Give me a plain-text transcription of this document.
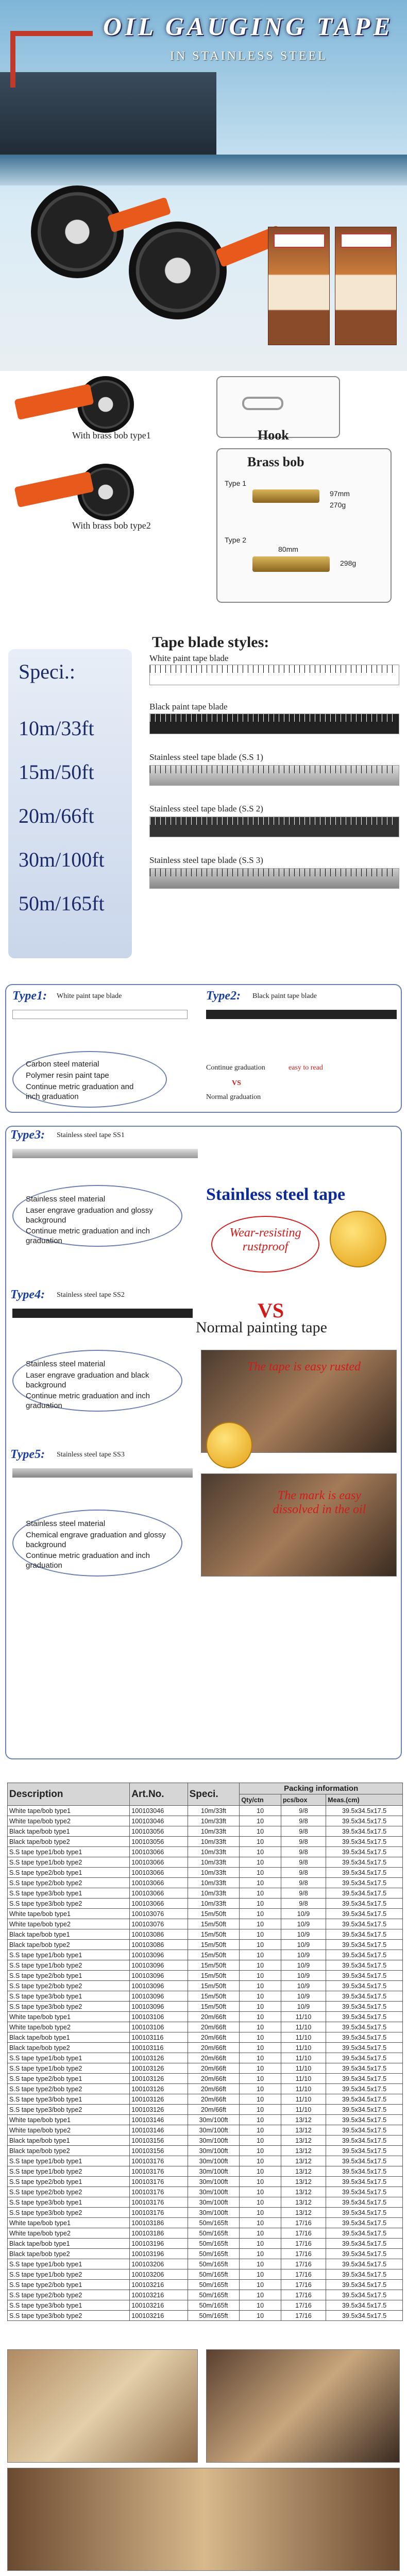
OIL GAUGING TAPE
IN STAINLESS STEEL
With brass bob type1
With brass bob type2
Hook
Brass bob
Type 1
97mm
270g
Type 2
80mm
298g
Speci.:
10m/33ft
15m/50ft
20m/66ft
30m/100ft
50m/165ft
Tape blade styles:
White paint tape blade
Black paint tape blade
Stainless steel tape blade (S.S 1)
Stainless steel tape blade (S.S 2)
Stainless steel tape blade (S.S 3)
Type1: White paint tape blade
Carbon steel material
Polymer resin paint tape
Continue metric graduation and inch graduation
Type2: Black paint tape blade
Continue graduation	easy to read
VS
Normal graduation
Type3: Stainless steel tape SS1
Stainless steel material
Laser engrave graduation and glossy background
Continue metric graduation and inch graduation
Stainless steel tape
Wear-resisting rustproof
VS
Normal painting tape
Type4: Stainless steel tape SS2
Stainless steel material
Laser engrave graduation and black background
Continue metric graduation and inch graduation
The tape is easy rusted
The mark is easy dissolved in the oil
Type5: Stainless steel tape SS3
Stainless steel material
Chemical engrave graduation and glossy background
Continue metric graduation and inch graduation
Description	Art.No.	Speci.	Packing information		
			Qty/ctn	pcs/box	Meas.(cm)
White tape/bob type1	100103046	10m/33ft	10	9/8	39.5x34.5x17.5
White tape/bob type2	100103046	10m/33ft	10	9/8	39.5x34.5x17.5
Black tape/bob type1	100103056	10m/33ft	10	9/8	39.5x34.5x17.5
Black tape/bob type2	100103056	10m/33ft	10	9/8	39.5x34.5x17.5
S.S tape type1/bob type1	100103066	10m/33ft	10	9/8	39.5x34.5x17.5
S.S tape type1/bob type2	100103066	10m/33ft	10	9/8	39.5x34.5x17.5
S.S tape type2/bob type1	100103066	10m/33ft	10	9/8	39.5x34.5x17.5
S.S tape type2/bob type2	100103066	10m/33ft	10	9/8	39.5x34.5x17.5
S.S tape type3/bob type1	100103066	10m/33ft	10	9/8	39.5x34.5x17.5
S.S tape type3/bob type2	100103066	10m/33ft	10	9/8	39.5x34.5x17.5
White tape/bob type1	100103076	15m/50ft	10	10/9	39.5x34.5x17.5
White tape/bob type2	100103076	15m/50ft	10	10/9	39.5x34.5x17.5
Black tape/bob type1	100103086	15m/50ft	10	10/9	39.5x34.5x17.5
Black tape/bob type2	100103086	15m/50ft	10	10/9	39.5x34.5x17.5
S.S tape type1/bob type1	100103096	15m/50ft	10	10/9	39.5x34.5x17.5
S.S tape type1/bob type2	100103096	15m/50ft	10	10/9	39.5x34.5x17.5
S.S tape type2/bob type1	100103096	15m/50ft	10	10/9	39.5x34.5x17.5
S.S tape type2/bob type2	100103096	15m/50ft	10	10/9	39.5x34.5x17.5
S.S tape type3/bob type1	100103096	15m/50ft	10	10/9	39.5x34.5x17.5
S.S tape type3/bob type2	100103096	15m/50ft	10	10/9	39.5x34.5x17.5
White tape/bob type1	100103106	20m/66ft	10	11/10	39.5x34.5x17.5
White tape/bob type2	100103106	20m/66ft	10	11/10	39.5x34.5x17.5
Black tape/bob type1	100103116	20m/66ft	10	11/10	39.5x34.5x17.5
Black tape/bob type2	100103116	20m/66ft	10	11/10	39.5x34.5x17.5
S.S tape type1/bob type1	100103126	20m/66ft	10	11/10	39.5x34.5x17.5
S.S tape type1/bob type2	100103126	20m/66ft	10	11/10	39.5x34.5x17.5
S.S tape type2/bob type1	100103126	20m/66ft	10	11/10	39.5x34.5x17.5
S.S tape type2/bob type2	100103126	20m/66ft	10	11/10	39.5x34.5x17.5
S.S tape type3/bob type1	100103126	20m/66ft	10	11/10	39.5x34.5x17.5
S.S tape type3/bob type2	100103126	20m/66ft	10	11/10	39.5x34.5x17.5
White tape/bob type1	100103146	30m/100ft	10	13/12	39.5x34.5x17.5
White tape/bob type2	100103146	30m/100ft	10	13/12	39.5x34.5x17.5
Black tape/bob type1	100103156	30m/100ft	10	13/12	39.5x34.5x17.5
Black tape/bob type2	100103156	30m/100ft	10	13/12	39.5x34.5x17.5
S.S tape type1/bob type1	100103176	30m/100ft	10	13/12	39.5x34.5x17.5
S.S tape type1/bob type2	100103176	30m/100ft	10	13/12	39.5x34.5x17.5
S.S tape type2/bob type1	100103176	30m/100ft	10	13/12	39.5x34.5x17.5
S.S tape type2/bob type2	100103176	30m/100ft	10	13/12	39.5x34.5x17.5
S.S tape type3/bob type1	100103176	30m/100ft	10	13/12	39.5x34.5x17.5
S.S tape type3/bob type2	100103176	30m/100ft	10	13/12	39.5x34.5x17.5
White tape/bob type1	100103186	50m/165ft	10	17/16	39.5x34.5x17.5
White tape/bob type2	100103186	50m/165ft	10	17/16	39.5x34.5x17.5
Black tape/bob type1	100103196	50m/165ft	10	17/16	39.5x34.5x17.5
Black tape/bob type2	100103196	50m/165ft	10	17/16	39.5x34.5x17.5
S.S tape type1/bob type1	100103206	50m/165ft	10	17/16	39.5x34.5x17.5
S.S tape type1/bob type2	100103206	50m/165ft	10	17/16	39.5x34.5x17.5
S.S tape type2/bob type1	100103216	50m/165ft	10	17/16	39.5x34.5x17.5
S.S tape type2/bob type2	100103216	50m/165ft	10	17/16	39.5x34.5x17.5
S.S tape type3/bob type1	100103216	50m/165ft	10	17/16	39.5x34.5x17.5
S.S tape type3/bob type2	100103216	50m/165ft	10	17/16	39.5x34.5x17.5
